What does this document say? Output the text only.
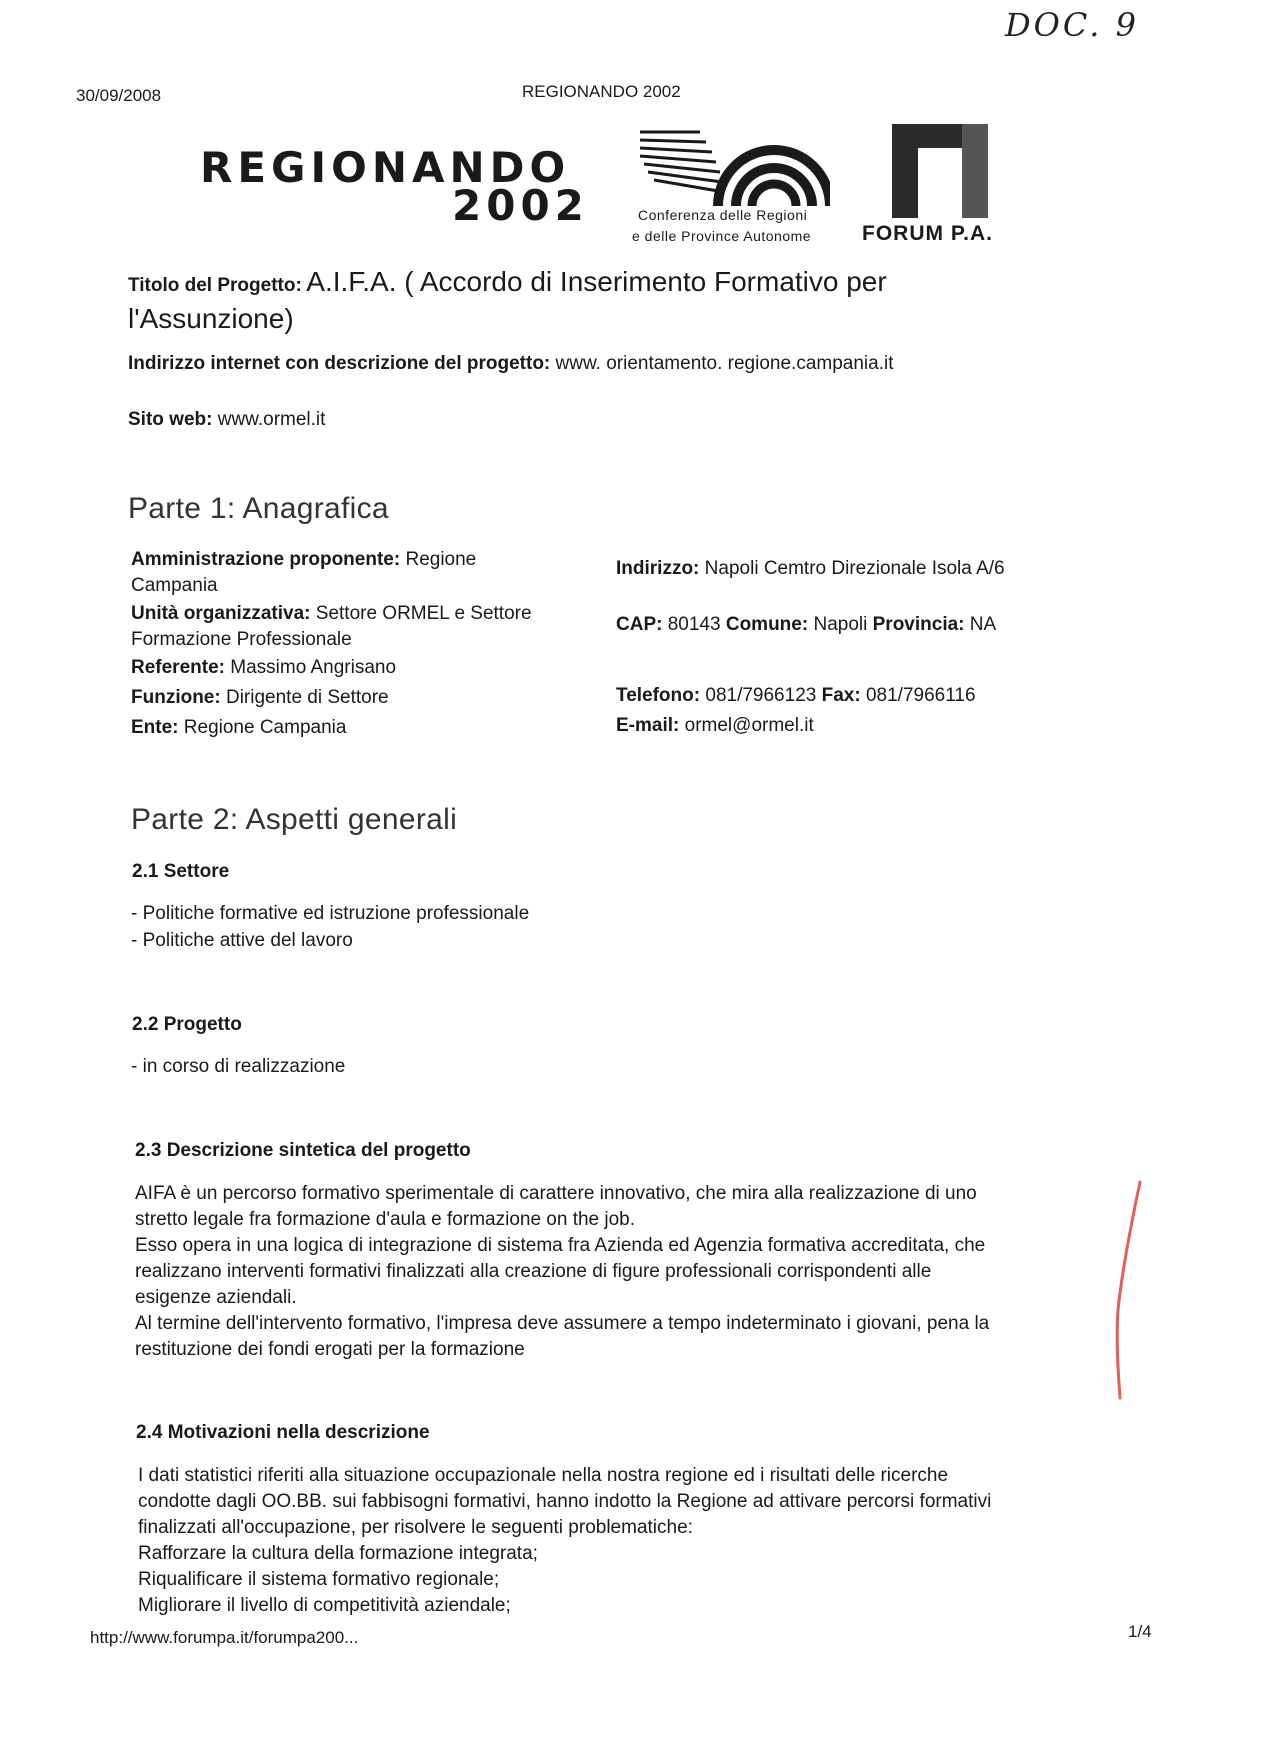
DOC. 9
30/09/2008	REGIONANDO 2002
REGIONANDO
2002	Conferenza delle Regioni
e delle Province Autonome FORUM P.A.
Titolo del Progetto: A.I.F.A. ( Accordo di Inserimento Formativo per
l'Assunzione)
Indirizzo internet con descrizione del progetto: www. orientamento. regione.campania.it
Sito web: www.ormel.it
Parte 1: Anagrafica
Amministrazione proponente: Regione
Campania
Unità organizzativa: Settore ORMEL e Settore
Formazione Professionale
Referente: Massimo Angrisano
Funzione: Dirigente di Settore
Ente: Regione Campania
Indirizzo: Napoli Cemtro Direzionale Isola A/6
CAP: 80143 Comune: Napoli Provincia: NA
Telefono: 081/7966123 Fax: 081/7966116
E-mail: ormel@ormel.it
Parte 2: Aspetti generali
2.1 Settore
- Politiche formative ed istruzione professionale
- Politiche attive del lavoro
2.2 Progetto
- in corso di realizzazione
2.3 Descrizione sintetica del progetto
AIFA è un percorso formativo sperimentale di carattere innovativo, che mira alla realizzazione di uno
stretto legale fra formazione d'aula e formazione on the job.
Esso opera in una logica di integrazione di sistema fra Azienda ed Agenzia formativa accreditata, che
realizzano interventi formativi finalizzati alla creazione di figure professionali corrispondenti alle
esigenze aziendali.
Al termine dell'intervento formativo, l'impresa deve assumere a tempo indeterminato i giovani, pena la
restituzione dei fondi erogati per la formazione
2.4 Motivazioni nella descrizione
I dati statistici riferiti alla situazione occupazionale nella nostra regione ed i risultati delle ricerche
condotte dagli OO.BB. sui fabbisogni formativi, hanno indotto la Regione ad attivare percorsi formativi
finalizzati all'occupazione, per risolvere le seguenti problematiche:
Rafforzare la cultura della formazione integrata;
Riqualificare il sistema formativo regionale;
Migliorare il livello di competitività aziendale;
http://www.forumpa.it/forumpa200...	1/4
